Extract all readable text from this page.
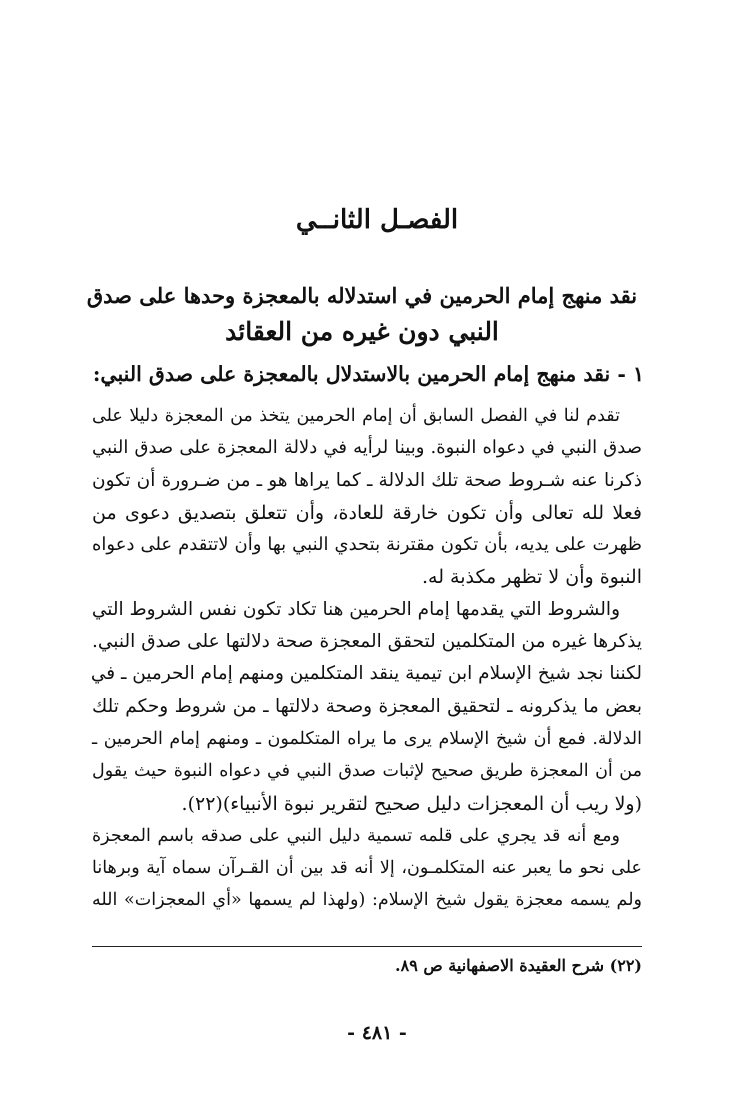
الفصـل الثانــي
نقد منهج إمام الحرمين في استدلاله بالمعجزة وحدها على صدق
النبي دون غيره من العقائد
١ - نقد منهج إمام الحرمين بالاستدلال بالمعجزة على صدق النبي:

تقدم لنا في الفصل السابق أن إمام الحرمين يتخذ من المعجزة دليلا على
صدق النبي في دعواه النبوة. وبينا لرأيه في دلالة المعجزة على صدق النبي
ذكرنا عنه شـروط صحة تلك الدلالة ـ كما يراها هو ـ من ضـرورة أن تكون
فعلا لله تعالى وأن تكون خارقة للعادة، وأن تتعلق بتصديق دعوى من
ظهرت على يديه، بأن تكون مقترنة بتحدي النبي بها وأن لاتتقدم على دعواه
النبوة وأن لا تظهر مكذبة له.

والشروط التي يقدمها إمام الحرمين هنا تكاد تكون نفس الشروط التي
يذكرها غيره من المتكلمين لتحقق المعجزة صحة دلالتها على صدق النبي.
لكننا نجد شيخ الإسلام ابن تيمية ينقد المتكلمين ومنهم إمام الحرمين ـ في
بعض ما يذكرونه ـ لتحقيق المعجزة وصحة دلالتها ـ من شروط وحكم تلك
الدلالة. فمع أن شيخ الإسلام يرى ما يراه المتكلمون ـ ومنهم إمام الحرمين ـ
من أن المعجزة طريق صحيح لإثبات صدق النبي في دعواه النبوة حيث يقول
(ولا ريب أن المعجزات دليل صحيح لتقرير نبوة الأنبياء)(٢٢).

ومع أنه قد يجري على قلمه تسمية دليل النبي على صدقه باسم المعجزة
على نحو ما يعبر عنه المتكلمـون، إلا أنه قد بين أن القـرآن سماه آية وبرهانا
ولم يسمه معجزة يقول شيخ الإسلام: (ولهذا لم يسمها «أي المعجزات» الله

(٢٢) شرح العقيدة الاصفهانية ص ٨٩.

- ٤٨١ -
